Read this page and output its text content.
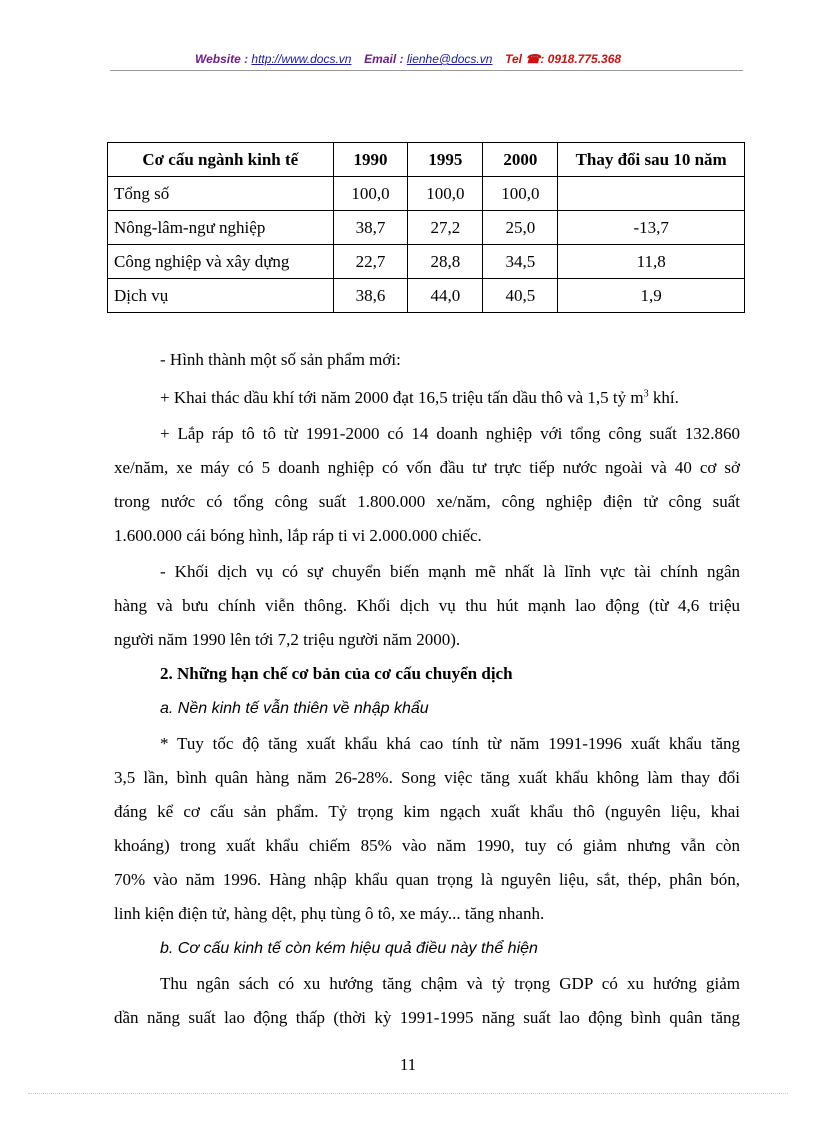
Website : http://www.docs.vn Email : lienhe@docs.vn Tel ☎: 0918.775.368
Cơ cấu ngành kinh tế	1990	1995	2000	Thay đổi sau 10 năm
Tổng số	100,0	100,0	100,0	
Nông-lâm-ngư nghiệp	38,7	27,2	25,0	-13,7
Công nghiệp và xây dựng	22,7	28,8	34,5	11,8
Dịch vụ	38,6	44,0	40,5	1,9
- Hình thành một số sản phẩm mới:
+ Khai thác dầu khí tới năm 2000 đạt 16,5 triệu tấn dầu thô và 1,5 tỷ $m^3$ khí.
+ Lắp ráp tô tô từ 1991-2000 có 14 doanh nghiệp với tổng công suất 132.860
xe/năm, xe máy có 5 doanh nghiệp có vốn đầu tư trực tiếp nước ngoài và 40 cơ sở
trong nước có tổng công suất 1.800.000 xe/năm, công nghiệp điện tử công suất
1.600.000 cái bóng hình, lắp ráp ti vi 2.000.000 chiếc.
- Khối dịch vụ có sự chuyển biến mạnh mẽ nhất là lĩnh vực tài chính ngân
hàng và bưu chính viễn thông. Khối dịch vụ thu hút mạnh lao động (từ 4,6 triệu
người năm 1990 lên tới 7,2 triệu người năm 2000).
2. Những hạn chế cơ bản của cơ cấu chuyển dịch
a. Nền kinh tế vẫn thiên về nhập khẩu
* Tuy tốc độ tăng xuất khẩu khá cao tính từ năm 1991-1996 xuất khẩu tăng
3,5 lần, bình quân hàng năm 26-28%. Song việc tăng xuất khẩu không làm thay đổi
đáng kể cơ cấu sản phẩm. Tỷ trọng kim ngạch xuất khẩu thô (nguyên liệu, khai
khoáng) trong xuất khẩu chiếm 85% vào năm 1990, tuy có giảm nhưng vẫn còn
70% vào năm 1996. Hàng nhập khẩu quan trọng là nguyên liệu, sắt, thép, phân bón,
linh kiện điện tử, hàng dệt, phụ tùng ô tô, xe máy... tăng nhanh.
b. Cơ cấu kinh tế còn kém hiệu quả điều này thể hiện
Thu ngân sách có xu hướng tăng chậm và tỷ trọng GDP có xu hướng giảm
dần năng suất lao động thấp (thời kỳ 1991-1995 năng suất lao động bình quân tăng
11
